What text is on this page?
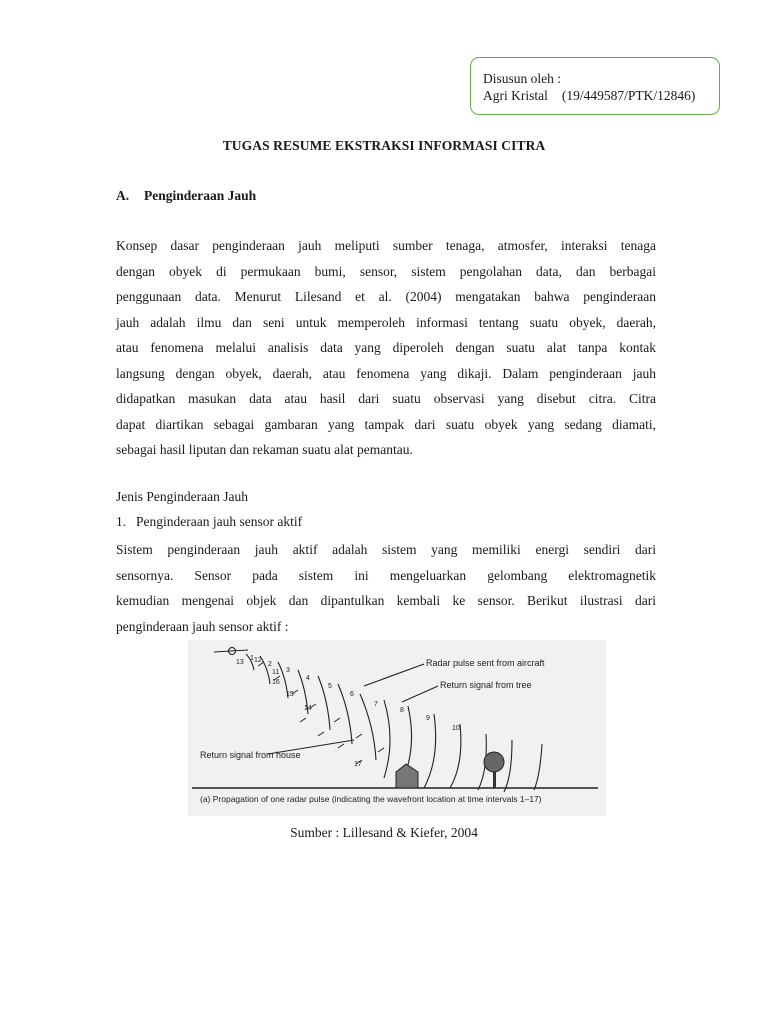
Disusun oleh :
Agri Kristal (19/449587/PTK/12846)
TUGAS RESUME EKSTRAKSI INFORMASI CITRA
A. Penginderaan Jauh
Konsep dasar penginderaan jauh meliputi sumber tenaga, atmosfer, interaksi tenaga
dengan obyek di permukaan bumi, sensor, sistem pengolahan data, dan berbagai
penggunaan data. Menurut Lilesand et al. (2004) mengatakan bahwa penginderaan
jauh adalah ilmu dan seni untuk memperoleh informasi tentang suatu obyek, daerah,
atau fenomena melalui analisis data yang diperoleh dengan suatu alat tanpa kontak
langsung dengan obyek, daerah, atau fenomena yang dikaji. Dalam penginderaan jauh
didapatkan masukan data atau hasil dari suatu observasi yang disebut citra. Citra
dapat diartikan sebagai gambaran yang tampak dari suatu obyek yang sedang diamati,
sebagai hasil liputan dan rekaman suatu alat pemantau.
Jenis Penginderaan Jauh
1. Penginderaan jauh sensor aktif
Sistem penginderaan jauh aktif adalah sistem yang memiliki energi sendiri dari
sensornya. Sensor pada sistem ini mengeluarkan gelombang elektromagnetik
kemudian mengenai objek dan dipantulkan kembali ke sensor. Berikut ilustrasi dari
penginderaan jauh sensor aktif :
Radar pulse sent from aircraft
Return signal from tree
Return signal from house
(a) Propagation of one radar pulse (indicating the wavefront location at time intervals 1–17)
13 12
11
1
2
3
4
5
6
7
8
9
10
14
15
16
17
Sumber : Lillesand & Kiefer, 2004
